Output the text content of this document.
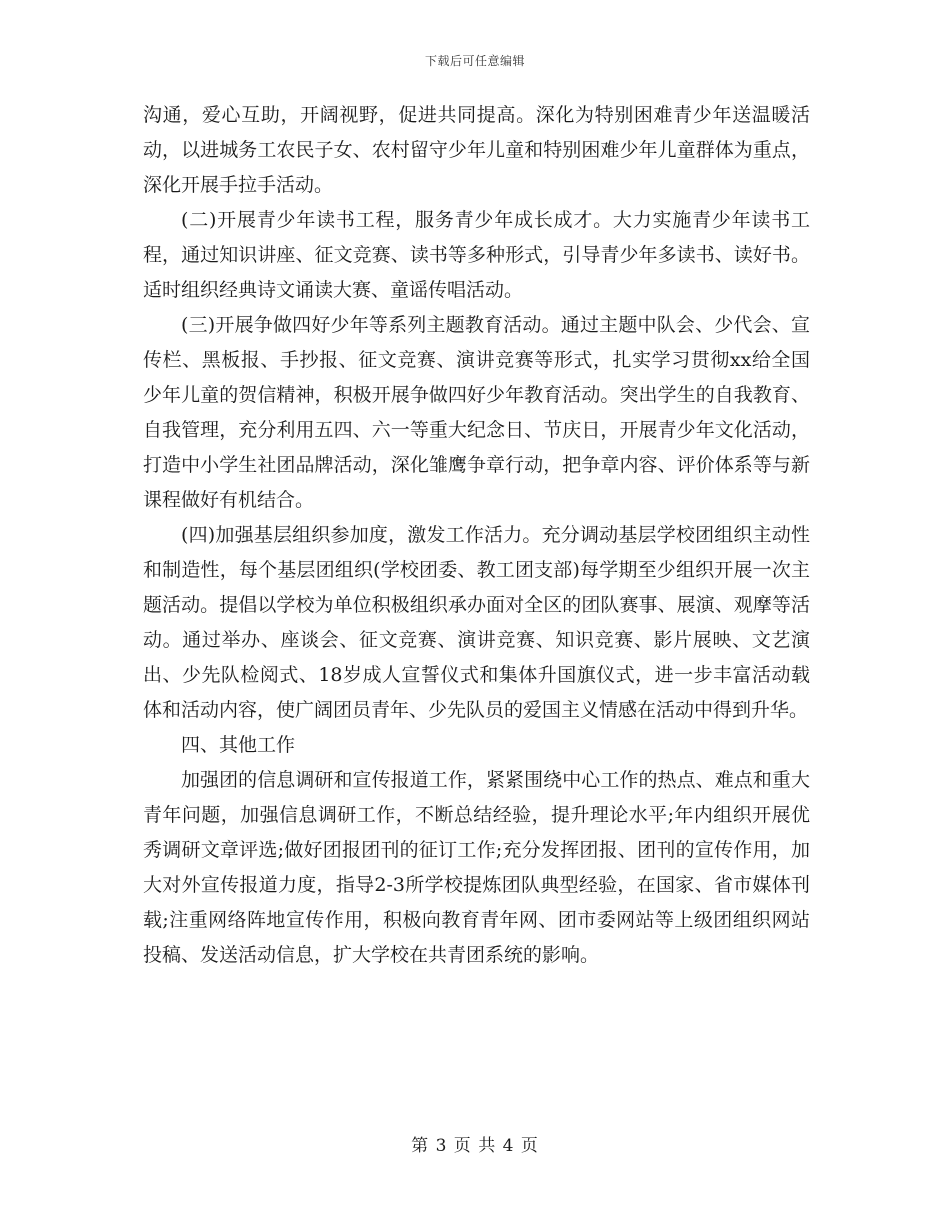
下载后可任意编辑

沟通，爱心互助，开阔视野，促进共同提高。深化为特别困难青少年送温暖活动，以进城务工农民子女、农村留守少年儿童和特别困难少年儿童群体为重点，深化开展手拉手活动。

(二)开展青少年读书工程，服务青少年成长成才。大力实施青少年读书工程，通过知识讲座、征文竞赛、读书等多种形式，引导青少年多读书、读好书。适时组织经典诗文诵读大赛、童谣传唱活动。

(三)开展争做四好少年等系列主题教育活动。通过主题中队会、少代会、宣传栏、黑板报、手抄报、征文竞赛、演讲竞赛等形式，扎实学习贯彻xx给全国少年儿童的贺信精神，积极开展争做四好少年教育活动。突出学生的自我教育、自我管理，充分利用五四、六一等重大纪念日、节庆日，开展青少年文化活动，打造中小学生社团品牌活动，深化雏鹰争章行动，把争章内容、评价体系等与新课程做好有机结合。

(四)加强基层组织参加度，激发工作活力。充分调动基层学校团组织主动性和制造性，每个基层团组织(学校团委、教工团支部)每学期至少组织开展一次主题活动。提倡以学校为单位积极组织承办面对全区的团队赛事、展演、观摩等活动。通过举办、座谈会、征文竞赛、演讲竞赛、知识竞赛、影片展映、文艺演出、少先队检阅式、18岁成人宣誓仪式和集体升国旗仪式，进一步丰富活动载体和活动内容，使广阔团员青年、少先队员的爱国主义情感在活动中得到升华。

四、其他工作

加强团的信息调研和宣传报道工作，紧紧围绕中心工作的热点、难点和重大青年问题，加强信息调研工作，不断总结经验，提升理论水平;年内组织开展优秀调研文章评选;做好团报团刊的征订工作;充分发挥团报、团刊的宣传作用，加大对外宣传报道力度，指导2-3所学校提炼团队典型经验，在国家、省市媒体刊载;注重网络阵地宣传作用，积极向教育青年网、团市委网站等上级团组织网站投稿、发送活动信息，扩大学校在共青团系统的影响。

第 3 页 共 4 页
